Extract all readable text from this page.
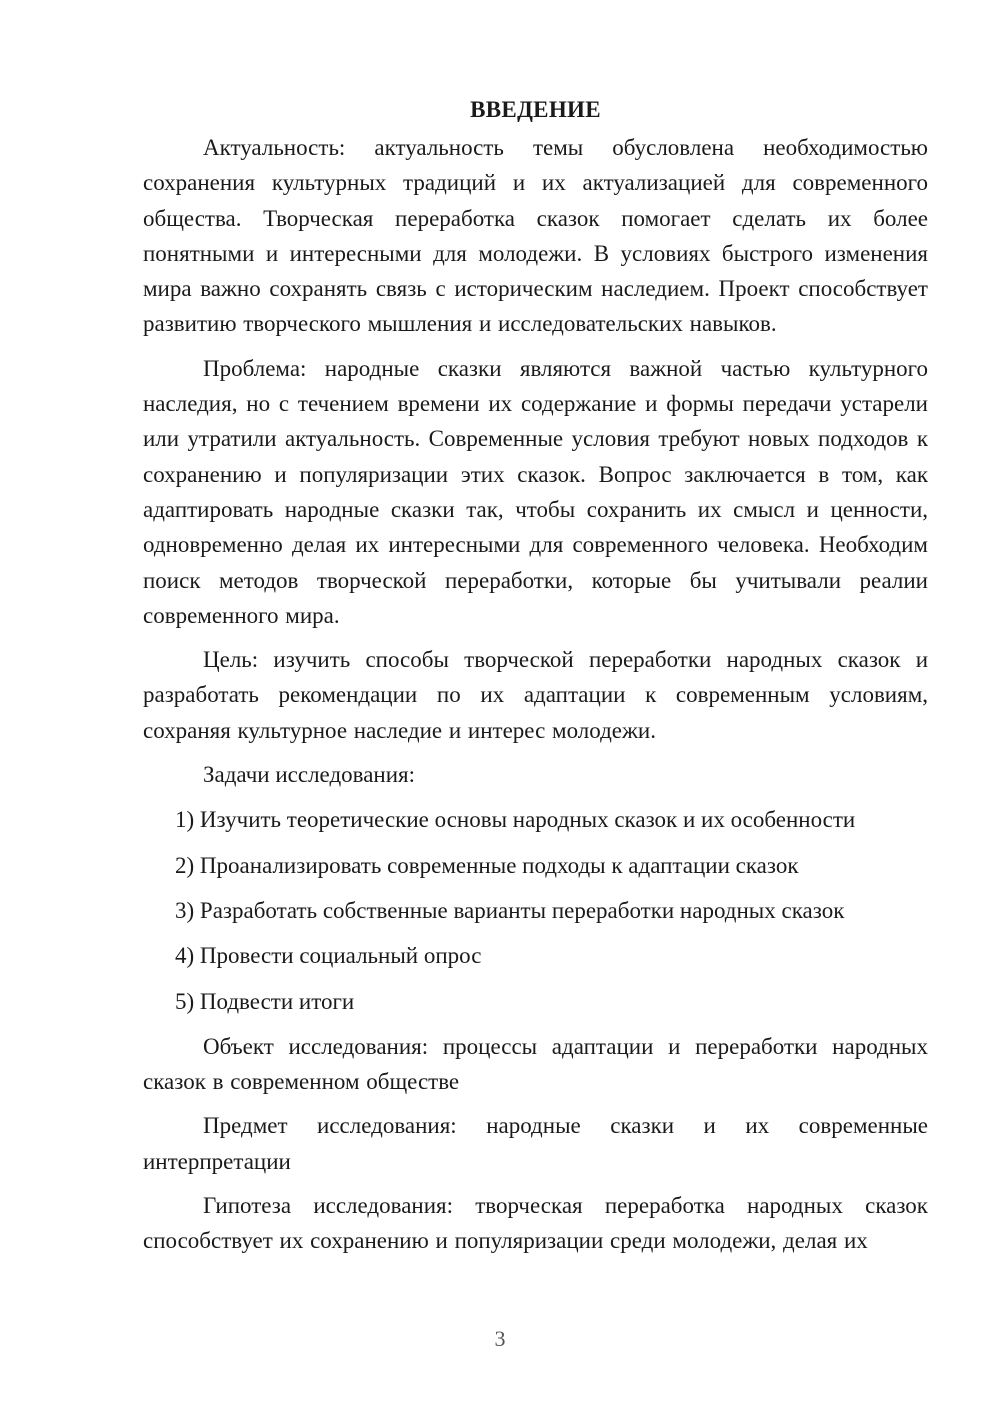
ВВЕДЕНИЕ

Актуальность: актуальность темы обусловлена необходимостью сохранения культурных традиций и их актуализацией для современного общества. Творческая переработка сказок помогает сделать их более понятными и интересными для молодежи. В условиях быстрого изменения мира важно сохранять связь с историческим наследием. Проект способствует развитию творческого мышления и исследовательских навыков.

Проблема: народные сказки являются важной частью культурного наследия, но с течением времени их содержание и формы передачи устарели или утратили актуальность. Современные условия требуют новых подходов к сохранению и популяризации этих сказок. Вопрос заключается в том, как адаптировать народные сказки так, чтобы сохранить их смысл и ценности, одновременно делая их интересными для современного человека. Необходим поиск методов творческой переработки, которые бы учитывали реалии современного мира.

Цель: изучить способы творческой переработки народных сказок и разработать рекомендации по их адаптации к современным условиям, сохраняя культурное наследие и интерес молодежи.

Задачи исследования:

1) Изучить теоретические основы народных сказок и их особенности
2) Проанализировать современные подходы к адаптации сказок
3) Разработать собственные варианты переработки народных сказок
4) Провести социальный опрос
5) Подвести итоги

Объект исследования: процессы адаптации и переработки народных сказок в современном обществе

Предмет исследования: народные сказки и их современные интерпретации

Гипотеза исследования: творческая переработка народных сказок способствует их сохранению и популяризации среди молодежи, делая их

3
